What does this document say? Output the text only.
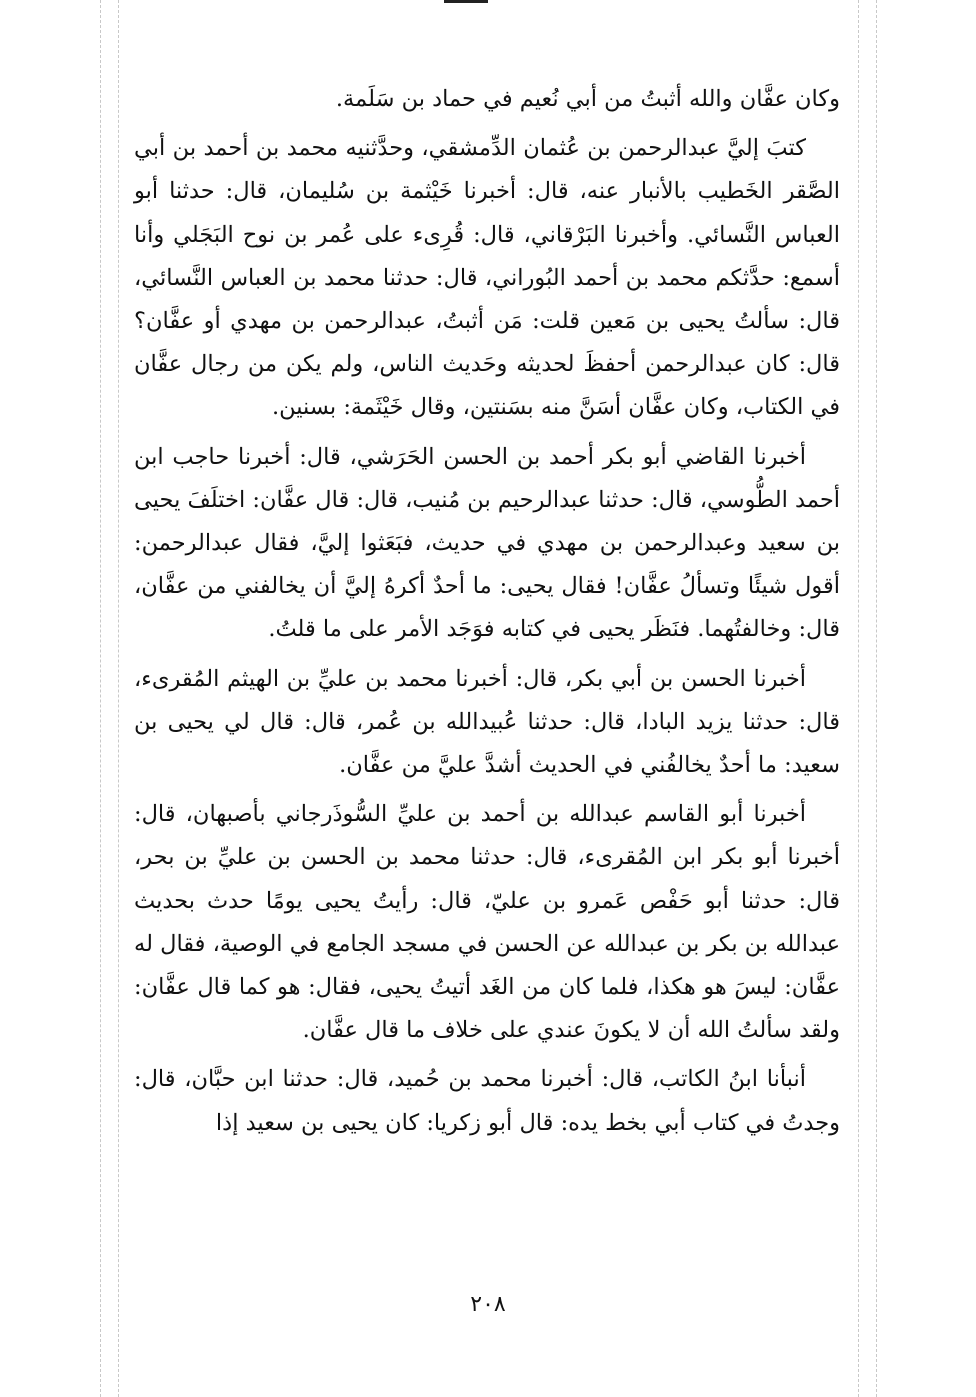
وكان عفَّان والله أثبتُ من أبي نُعيم في حماد بن سَلَمة.

كتبَ إليَّ عبدالرحمن بن عُثمان الدِّمشقي، وحدَّثنيه محمد بن أحمد بن أبي الصَّقر الخَطيب بالأنبار عنه، قال: أخبرنا خَيْثمة بن سُليمان، قال: حدثنا أبو العباس النَّسائي. وأخبرنا البَرْقاني، قال: قُرِىء على عُمر بن نوح البَجَلي وأنا أسمع: حدَّثكم محمد بن أحمد البُوراني، قال: حدثنا محمد بن العباس النَّسائي، قال: سألتُ يحيى بن مَعين قلت: مَن أثبتُ، عبدالرحمن بن مهدي أو عفَّان؟ قال: كان عبدالرحمن أحفظَ لحديثه وحَديث الناس، ولم يكن من رجال عفَّان في الكتاب، وكان عفَّان أسَنَّ منه بسَنتين، وقال خَيْثَمة: بسنين.

أخبرنا القاضي أبو بكر أحمد بن الحسن الحَرَشي، قال: أخبرنا حاجب ابن أحمد الطُّوسي، قال: حدثنا عبدالرحيم بن مُنيب، قال: قال عفَّان: اختلَفَ يحيى بن سعيد وعبدالرحمن بن مهدي في حديث، فبَعَثوا إليَّ، فقال عبدالرحمن: أقول شيئًا وتسألُ عفَّان! فقال يحيى: ما أحدٌ أكرهُ إليَّ أن يخالفني من عفَّان، قال: وخالفتُهما. فنَظَر يحيى في كتابه فوَجَد الأمر على ما قلتُ.

أخبرنا الحسن بن أبي بكر، قال: أخبرنا محمد بن عليِّ بن الهيثم المُقرىء، قال: حدثنا يزيد البادا، قال: حدثنا عُبيدالله بن عُمر، قال: قال لي يحيى بن سعيد: ما أحدٌ يخالفُني في الحديث أشدَّ عليَّ من عفَّان.

أخبرنا أبو القاسم عبدالله بن أحمد بن عليِّ السُّوذَرجاني بأصبهان، قال: أخبرنا أبو بكر ابن المُقرىء، قال: حدثنا محمد بن الحسن بن عليِّ بن بحر، قال: حدثنا أبو حَفْص عَمرو بن عليّ، قال: رأيتُ يحيى يومًا حدث بحديث عبدالله بن بكر بن عبدالله عن الحسن في مسجد الجامع في الوصية، فقال له عفَّان: ليسَ هو هكذا، فلما كان من الغَد أتيتُ يحيى، فقال: هو كما قال عفَّان: ولقد سألتُ الله أن لا يكونَ عندي على خلاف ما قال عفَّان.

أنبأنا ابنُ الكاتب، قال: أخبرنا محمد بن حُميد، قال: حدثنا ابن حبَّان، قال: وجدتُ في كتاب أبي بخط يده: قال أبو زكريا: كان يحيى بن سعيد إذا

٢٠٨
